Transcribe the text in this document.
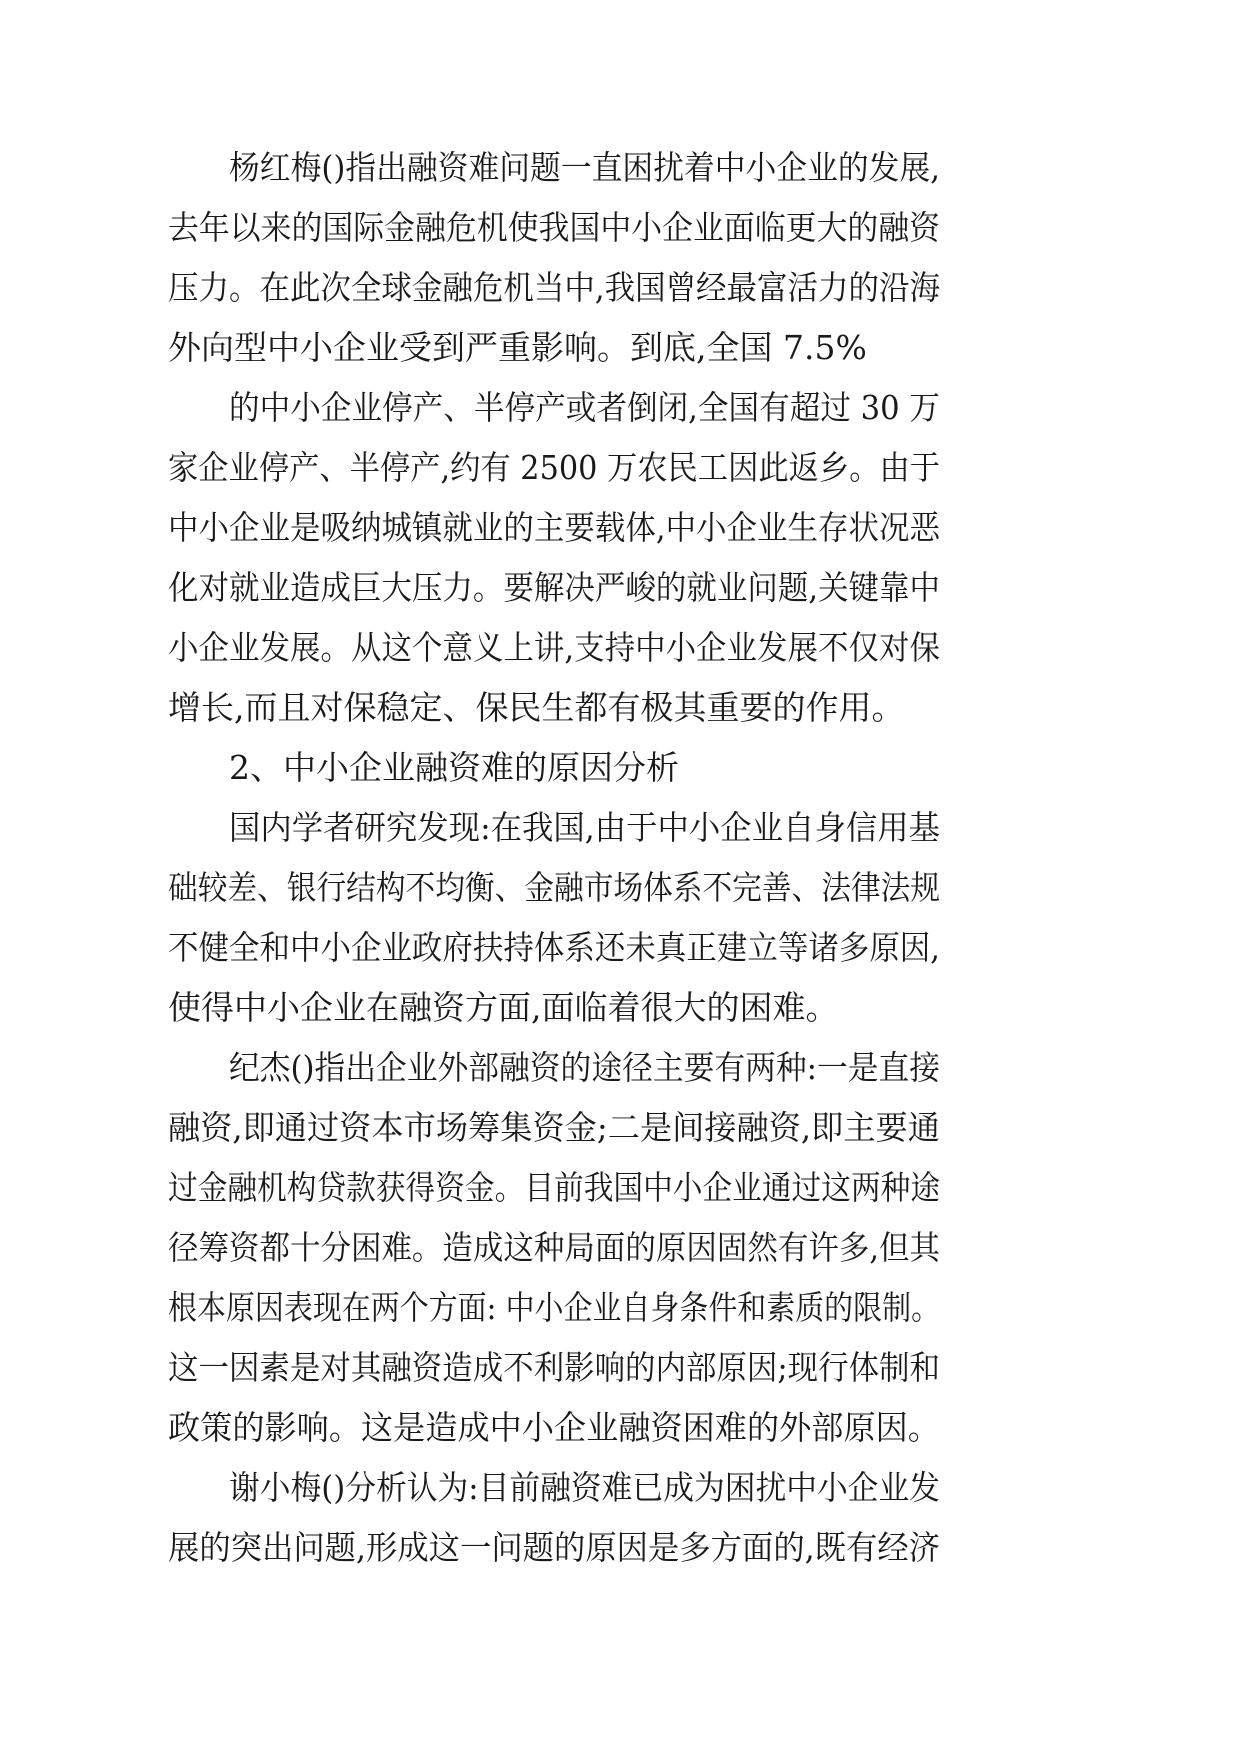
杨红梅()指出融资难问题一直困扰着中小企业的发展,

去年以来的国际金融危机使我国中小企业面临更大的融资

压力。在此次全球金融危机当中,我国曾经最富活力的沿海

外向型中小企业受到严重影响。到底,全国 7.5%

的中小企业停产、半停产或者倒闭,全国有超过 30 万

家企业停产、半停产,约有 2500 万农民工因此返乡。由于

中小企业是吸纳城镇就业的主要载体,中小企业生存状况恶

化对就业造成巨大压力。要解决严峻的就业问题,关键靠中

小企业发展。从这个意义上讲,支持中小企业发展不仅对保

增长,而且对保稳定、保民生都有极其重要的作用。

2、中小企业融资难的原因分析

国内学者研究发现:在我国,由于中小企业自身信用基

础较差、银行结构不均衡、金融市场体系不完善、法律法规

不健全和中小企业政府扶持体系还未真正建立等诸多原因,

使得中小企业在融资方面,面临着很大的困难。

纪杰()指出企业外部融资的途径主要有两种:一是直接

融资,即通过资本市场筹集资金;二是间接融资,即主要通

过金融机构贷款获得资金。目前我国中小企业通过这两种途

径筹资都十分困难。造成这种局面的原因固然有许多,但其

根本原因表现在两个方面: 中小企业自身条件和素质的限制。

这一因素是对其融资造成不利影响的内部原因;现行体制和

政策的影响。这是造成中小企业融资困难的外部原因。

谢小梅()分析认为:目前融资难已成为困扰中小企业发

展的突出问题,形成这一问题的原因是多方面的,既有经济
